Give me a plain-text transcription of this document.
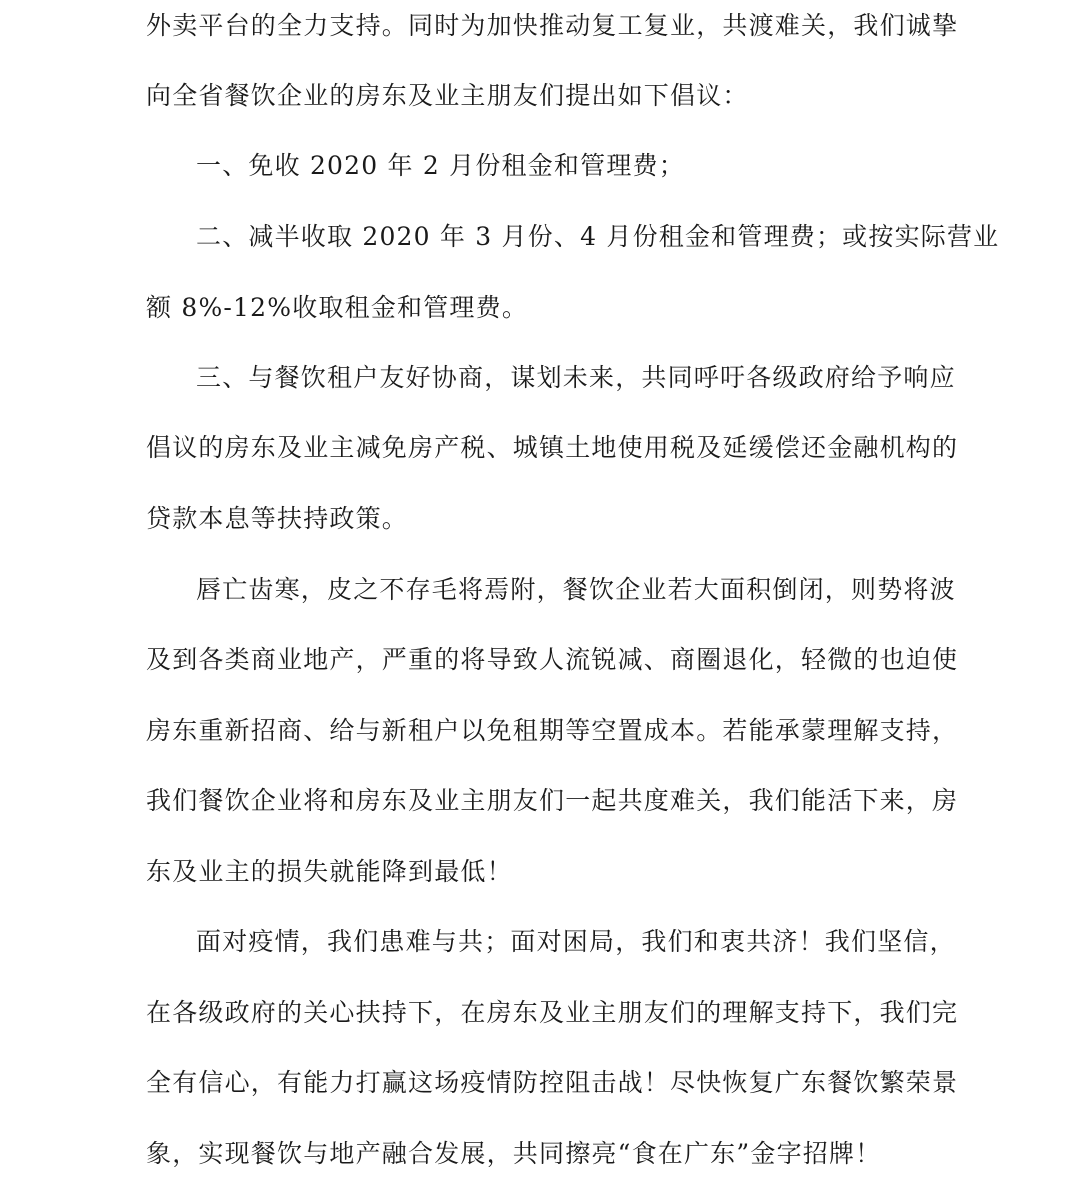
外卖平台的全力支持。同时为加快推动复工复业，共渡难关，我们诚挚
向全省餐饮企业的房东及业主朋友们提出如下倡议：
一、免收 2020 年 2 月份租金和管理费；
二、减半收取 2020 年 3 月份、4 月份租金和管理费；或按实际营业
额 8%-12%收取租金和管理费。
三、与餐饮租户友好协商，谋划未来，共同呼吁各级政府给予响应
倡议的房东及业主减免房产税、城镇土地使用税及延缓偿还金融机构的
贷款本息等扶持政策。
唇亡齿寒，皮之不存毛将焉附，餐饮企业若大面积倒闭，则势将波
及到各类商业地产，严重的将导致人流锐减、商圈退化，轻微的也迫使
房东重新招商、给与新租户以免租期等空置成本。若能承蒙理解支持，
我们餐饮企业将和房东及业主朋友们一起共度难关，我们能活下来，房
东及业主的损失就能降到最低！
面对疫情，我们患难与共；面对困局，我们和衷共济！我们坚信，
在各级政府的关心扶持下，在房东及业主朋友们的理解支持下，我们完
全有信心，有能力打赢这场疫情防控阻击战！尽快恢复广东餐饮繁荣景
象，实现餐饮与地产融合发展，共同擦亮“食在广东”金字招牌！
